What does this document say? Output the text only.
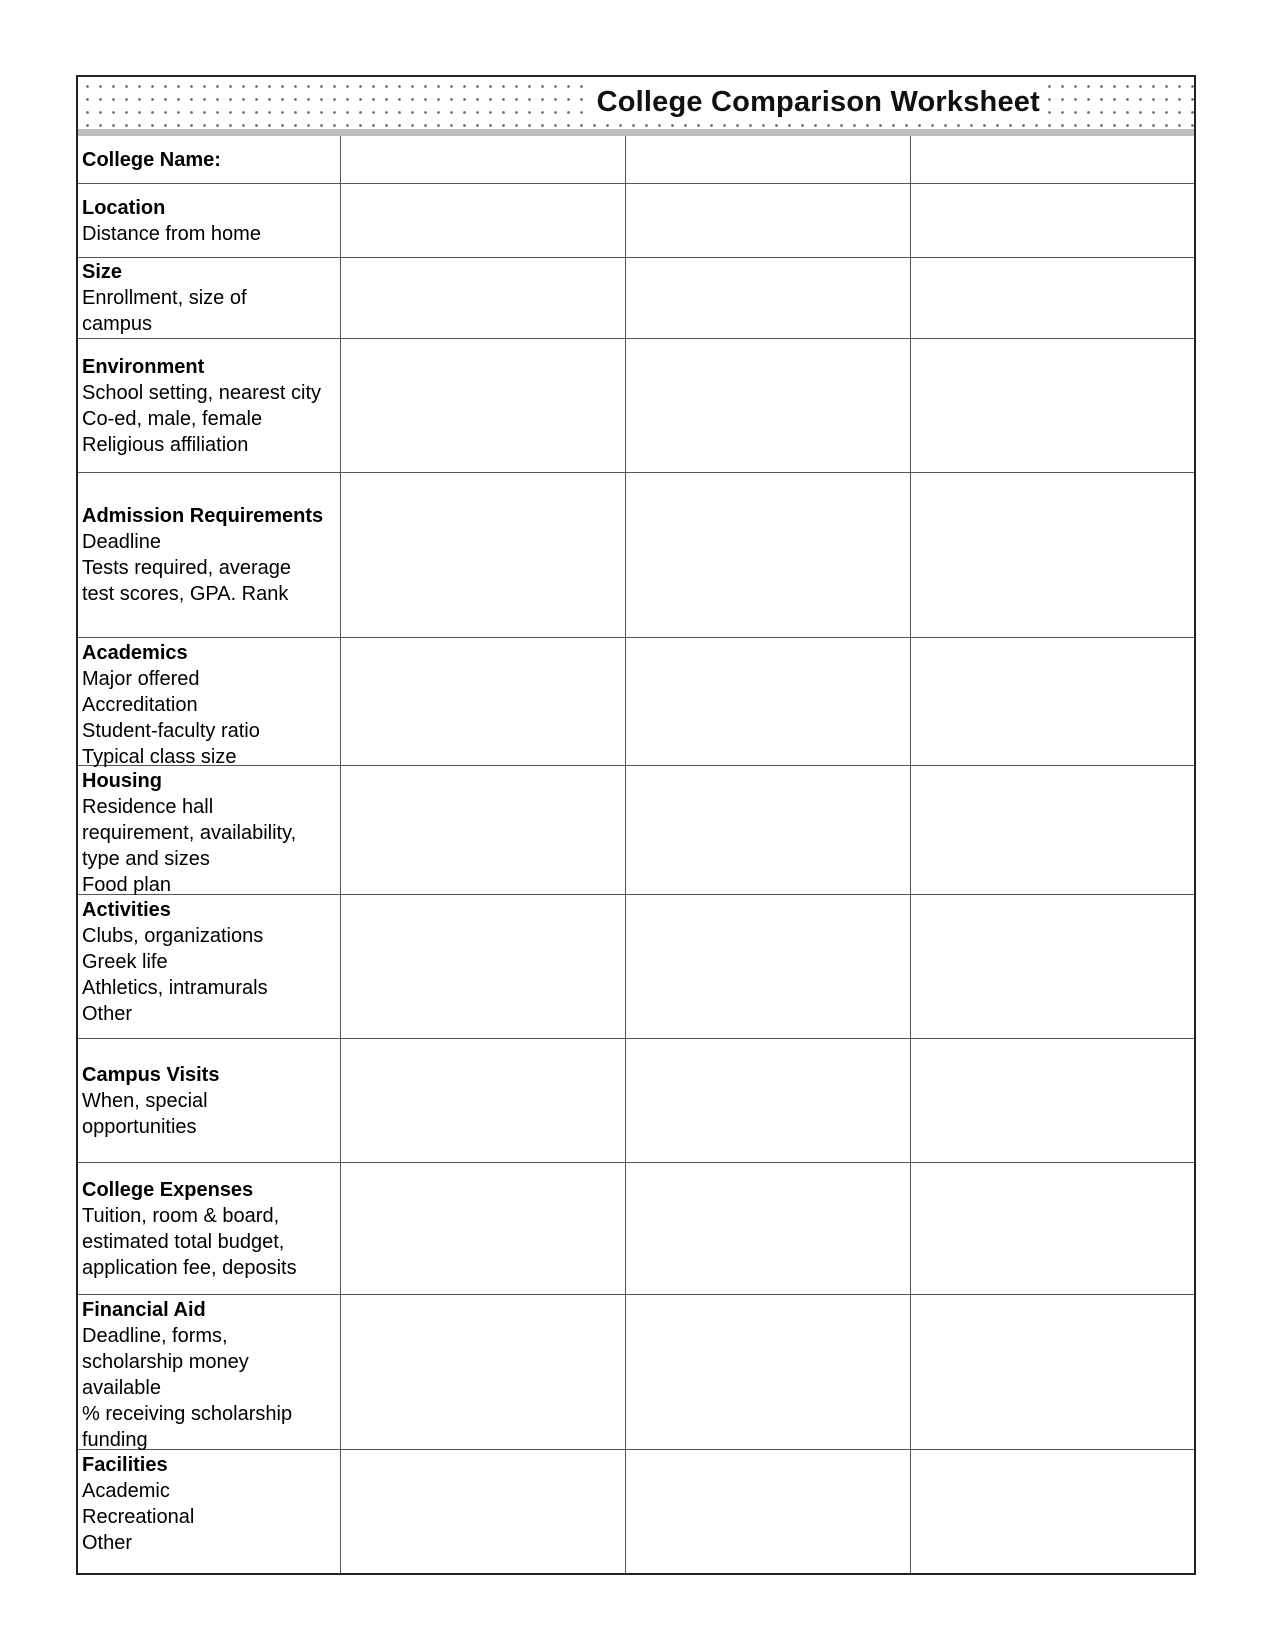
College Comparison Worksheet
College Name:
Location
Distance from home
Size
Enrollment, size of
campus
Environment
School setting, nearest city
Co-ed, male, female
Religious affiliation
Admission Requirements
Deadline
Tests required, average
test scores, GPA. Rank
Academics
Major offered
Accreditation
Student-faculty ratio
Typical class size
Housing
Residence hall
requirement, availability,
type and sizes
Food plan
Activities
Clubs, organizations
Greek life
Athletics, intramurals
Other
Campus Visits
When, special
opportunities
College Expenses
Tuition, room & board,
estimated total budget,
application fee, deposits
Financial Aid
Deadline, forms,
scholarship money
available
% receiving scholarship
funding
Facilities
Academic
Recreational
Other
